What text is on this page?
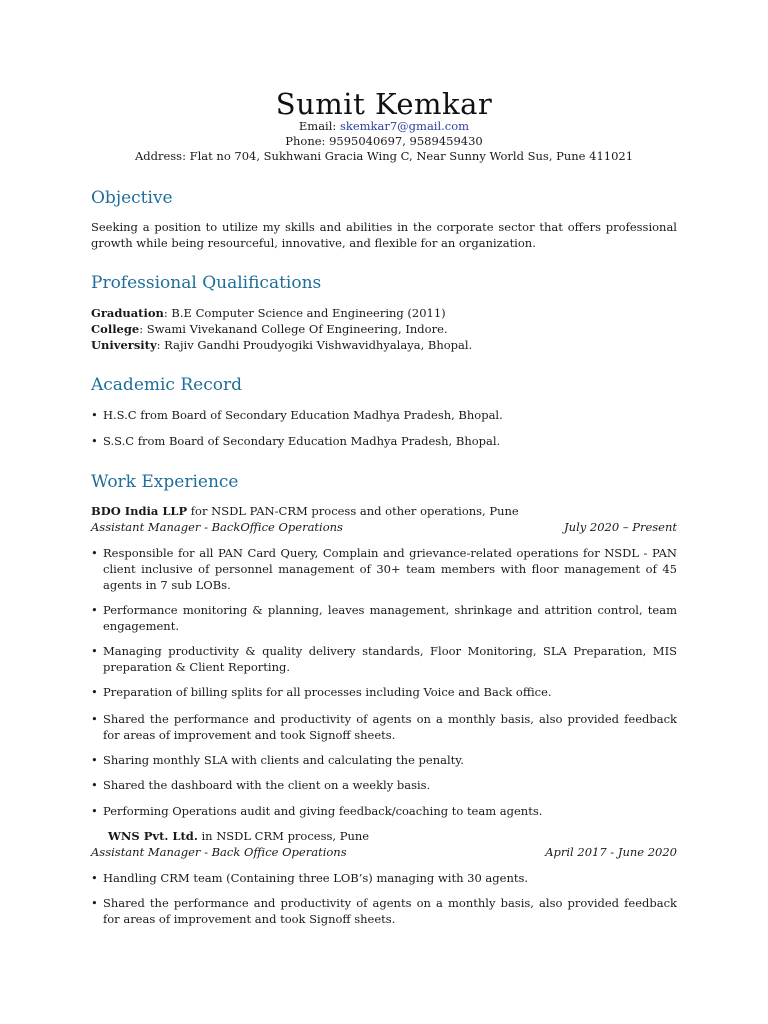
Sumit Kemkar
Email: skemkar7@gmail.com
Phone: 9595040697, 9589459430
Address: Flat no 704, Sukhwani Gracia Wing C, Near Sunny World Sus, Pune 411021
Objective
Seeking a position to utilize my skills and abilities in the corporate sector that offers professional growth while being resourceful, innovative, and flexible for an organization.
Professional Qualifications
Graduation: B.E Computer Science and Engineering (2011)
College: Swami Vivekanand College Of Engineering, Indore.
University: Rajiv Gandhi Proudyogiki Vishwavidhyalaya, Bhopal.
Academic Record
• H.S.C from Board of Secondary Education Madhya Pradesh, Bhopal.
• S.S.C from Board of Secondary Education Madhya Pradesh, Bhopal.
Work Experience
BDO India LLP for NSDL PAN-CRM process and other operations, Pune
Assistant Manager - BackOffice Operations	July 2020 – Present
• Responsible for all PAN Card Query, Complain and grievance-related operations for NSDL - PAN client inclusive of personnel management of 30+ team members with floor management of 45 agents in 7 sub LOBs.
• Performance monitoring & planning, leaves management, shrinkage and attrition control, team engagement.
• Managing productivity & quality delivery standards, Floor Monitoring, SLA Preparation, MIS preparation & Client Reporting.
• Preparation of billing splits for all processes including Voice and Back office.
• Shared the performance and productivity of agents on a monthly basis, also provided feedback for areas of improvement and took Signoff sheets.
• Sharing monthly SLA with clients and calculating the penalty.
• Shared the dashboard with the client on a weekly basis.
• Performing Operations audit and giving feedback/coaching to team agents.
WNS Pvt. Ltd. in NSDL CRM process, Pune
Assistant Manager - Back Office Operations	April 2017 - June 2020
• Handling CRM team (Containing three LOB’s) managing with 30 agents.
• Shared the performance and productivity of agents on a monthly basis, also provided feedback for areas of improvement and took Signoff sheets.
